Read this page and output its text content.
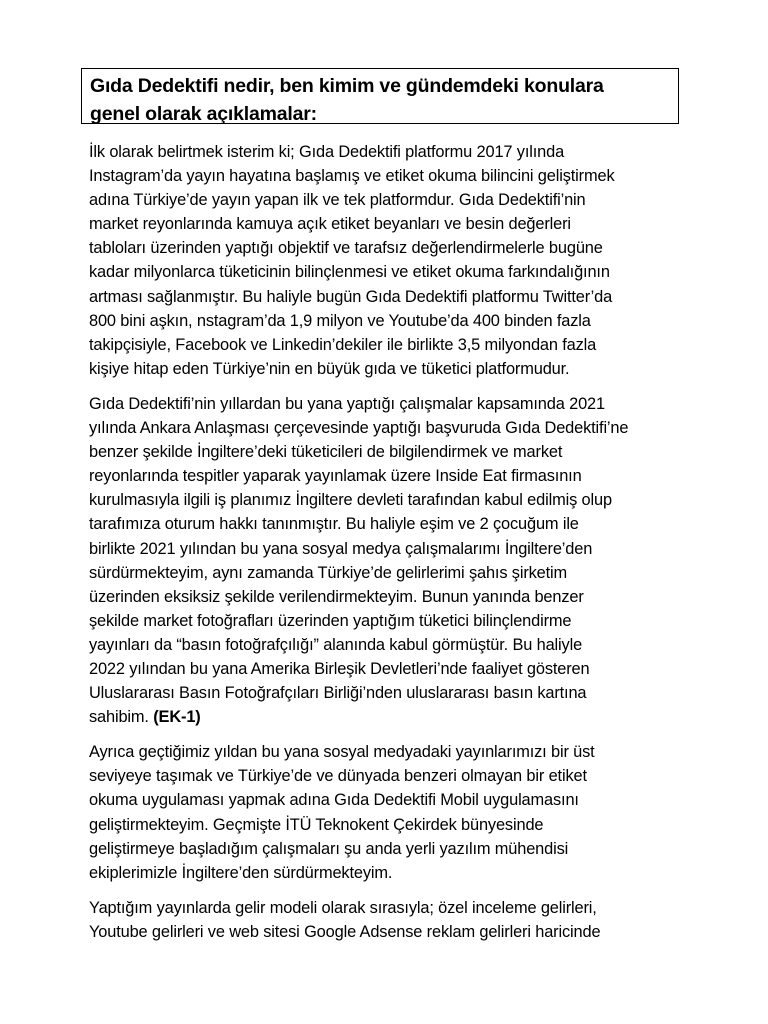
Gıda Dedektifi nedir, ben kimim ve gündemdeki konulara
genel olarak açıklamalar:

İlk olarak belirtmek isterim ki; Gıda Dedektifi platformu 2017 yılında
Instagram’da yayın hayatına başlamış ve etiket okuma bilincini geliştirmek
adına Türkiye’de yayın yapan ilk ve tek platformdur. Gıda Dedektifi’nin
market reyonlarında kamuya açık etiket beyanları ve besin değerleri
tabloları üzerinden yaptığı objektif ve tarafsız değerlendirmelerle bugüne
kadar milyonlarca tüketicinin bilinçlenmesi ve etiket okuma farkındalığının
artması sağlanmıştır. Bu haliyle bugün Gıda Dedektifi platformu Twitter’da
800 bini aşkın, nstagram’da 1,9 milyon ve Youtube’da 400 binden fazla
takipçisiyle, Facebook ve Linkedin’dekiler ile birlikte 3,5 milyondan fazla
kişiye hitap eden Türkiye’nin en büyük gıda ve tüketici platformudur.

Gıda Dedektifi’nin yıllardan bu yana yaptığı çalışmalar kapsamında 2021
yılında Ankara Anlaşması çerçevesinde yaptığı başvuruda Gıda Dedektifi’ne
benzer şekilde İngiltere’deki tüketicileri de bilgilendirmek ve market
reyonlarında tespitler yaparak yayınlamak üzere Inside Eat firmasının
kurulmasıyla ilgili iş planımız İngiltere devleti tarafından kabul edilmiş olup
tarafımıza oturum hakkı tanınmıştır. Bu haliyle eşim ve 2 çocuğum ile
birlikte 2021 yılından bu yana sosyal medya çalışmalarımı İngiltere’den
sürdürmekteyim, aynı zamanda Türkiye’de gelirlerimi şahıs şirketim
üzerinden eksiksiz şekilde verilendirmekteyim. Bunun yanında benzer
şekilde market fotoğrafları üzerinden yaptığım tüketici bilinçlendirme
yayınları da “basın fotoğrafçılığı” alanında kabul görmüştür. Bu haliyle
2022 yılından bu yana Amerika Birleşik Devletleri’nde faaliyet gösteren
Uluslararası Basın Fotoğrafçıları Birliği’nden uluslararası basın kartına
sahibim. (EK-1)

Ayrıca geçtiğimiz yıldan bu yana sosyal medyadaki yayınlarımızı bir üst
seviyeye taşımak ve Türkiye’de ve dünyada benzeri olmayan bir etiket
okuma uygulaması yapmak adına Gıda Dedektifi Mobil uygulamasını
geliştirmekteyim. Geçmişte İTÜ Teknokent Çekirdek bünyesinde
geliştirmeye başladığım çalışmaları şu anda yerli yazılım mühendisi
ekiplerimizle İngiltere’den sürdürmekteyim.

Yaptığım yayınlarda gelir modeli olarak sırasıyla; özel inceleme gelirleri,
Youtube gelirleri ve web sitesi Google Adsense reklam gelirleri haricinde
